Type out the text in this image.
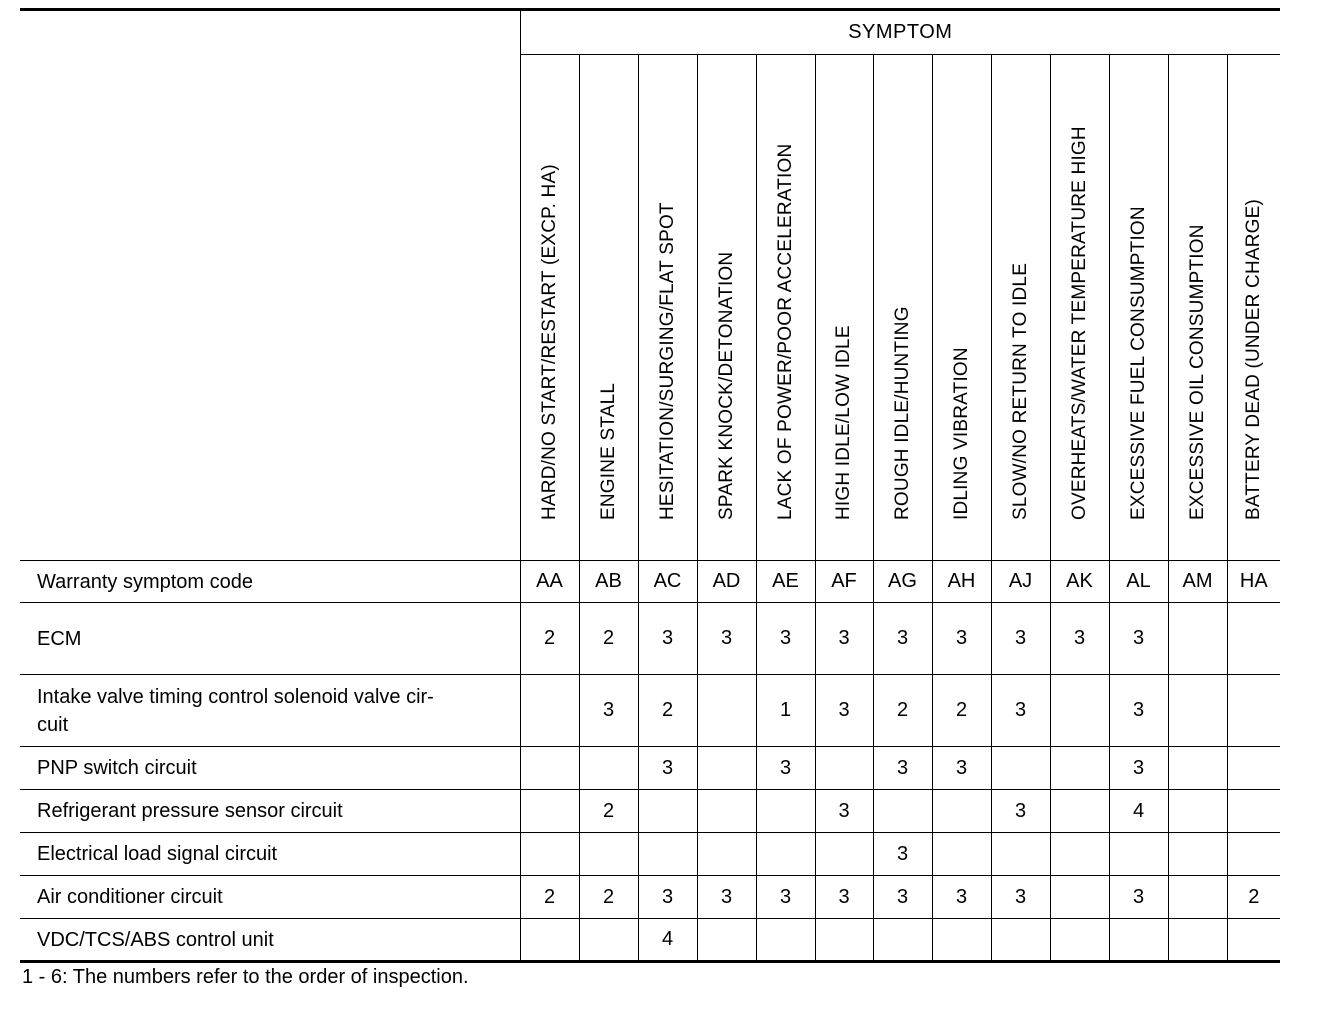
	SYMPTOM												

	HARD/NO START/RESTART (EXCP. HA)	ENGINE STALL	HESITATION/SURGING/FLAT SPOT	SPARK KNOCK/DETONATION	LACK OF POWER/POOR ACCELERATION	HIGH IDLE/LOW IDLE	ROUGH IDLE/HUNTING	IDLING VIBRATION	SLOW/NO RETURN TO IDLE	OVERHEATS/WATER TEMPERATURE HIGH	EXCESSIVE FUEL CONSUMPTION	EXCESSIVE OIL CONSUMPTION	BATTERY DEAD (UNDER CHARGE)

Warranty symptom code	AA	AB	AC	AD	AE	AF	AG	AH	AJ	AK	AL	AM	HA
ECM	2	2	3	3	3	3	3	3	3	3	3		
Intake valve timing control solenoid valve cir-
cuit		3	2		1	3	2	2	3		3		
PNP switch circuit			3		3		3	3			3		
Refrigerant pressure sensor circuit		2				3			3		4		
Electrical load signal circuit							3						
Air conditioner circuit	2	2	3	3	3	3	3	3	3		3		2
VDC/TCS/ABS control unit			4										
1 - 6: The numbers refer to the order of inspection.
